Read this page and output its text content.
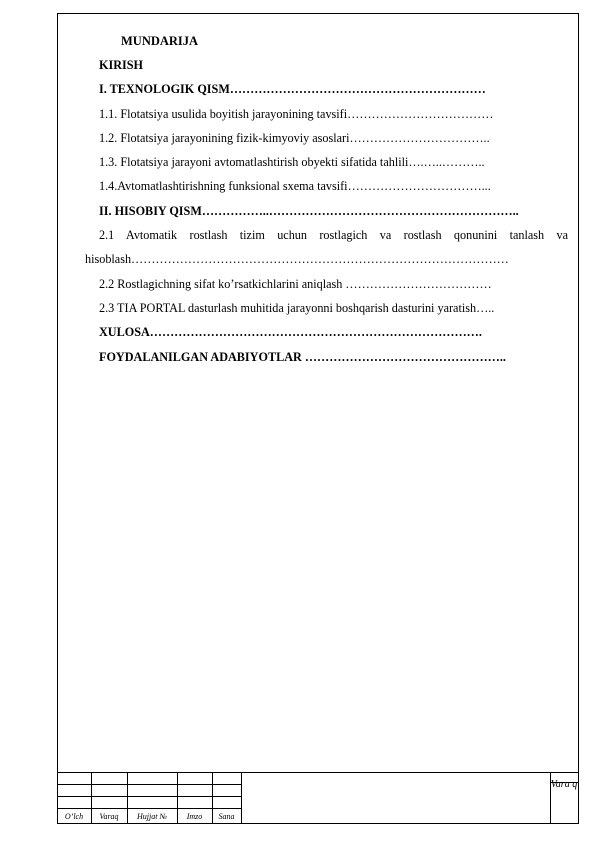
MUNDARIJA
KIRISH
I. TEXNOLOGIK QISM………………………………………………………
1.1. Flotatsiya usulida boyitish jarayonining tavsifi………………………………
1.2. Flotatsiya jarayonining fizik-kimyoviy asoslari……………………………..
1.3. Flotatsiya jarayoni avtomatlashtirish obyekti sifatida tahlili….…..………..
1.4.Avtomatlashtirishning funksional sxema tavsifi……………………………...
II. HISOBIY QISM……………..……………………………………………………..
2.1 Avtomatik rostlash tizim uchun rostlagich va rostlash qonunini tanlash va
hisoblash…………………………………………………………………………………
2.2 Rostlagichning sifat ko’rsatkichlarini aniqlash ………………………………
2.3 TIA PORTAL dasturlash muhitida jarayonni boshqarish dasturini yaratish…..
XULOSA……………………………………………………………………….
FOYDALANILGAN ADABIYOTLAR …………………………………………..
O’lch	Varaq	Hujjat №	Imzo	Sana
Vara q
